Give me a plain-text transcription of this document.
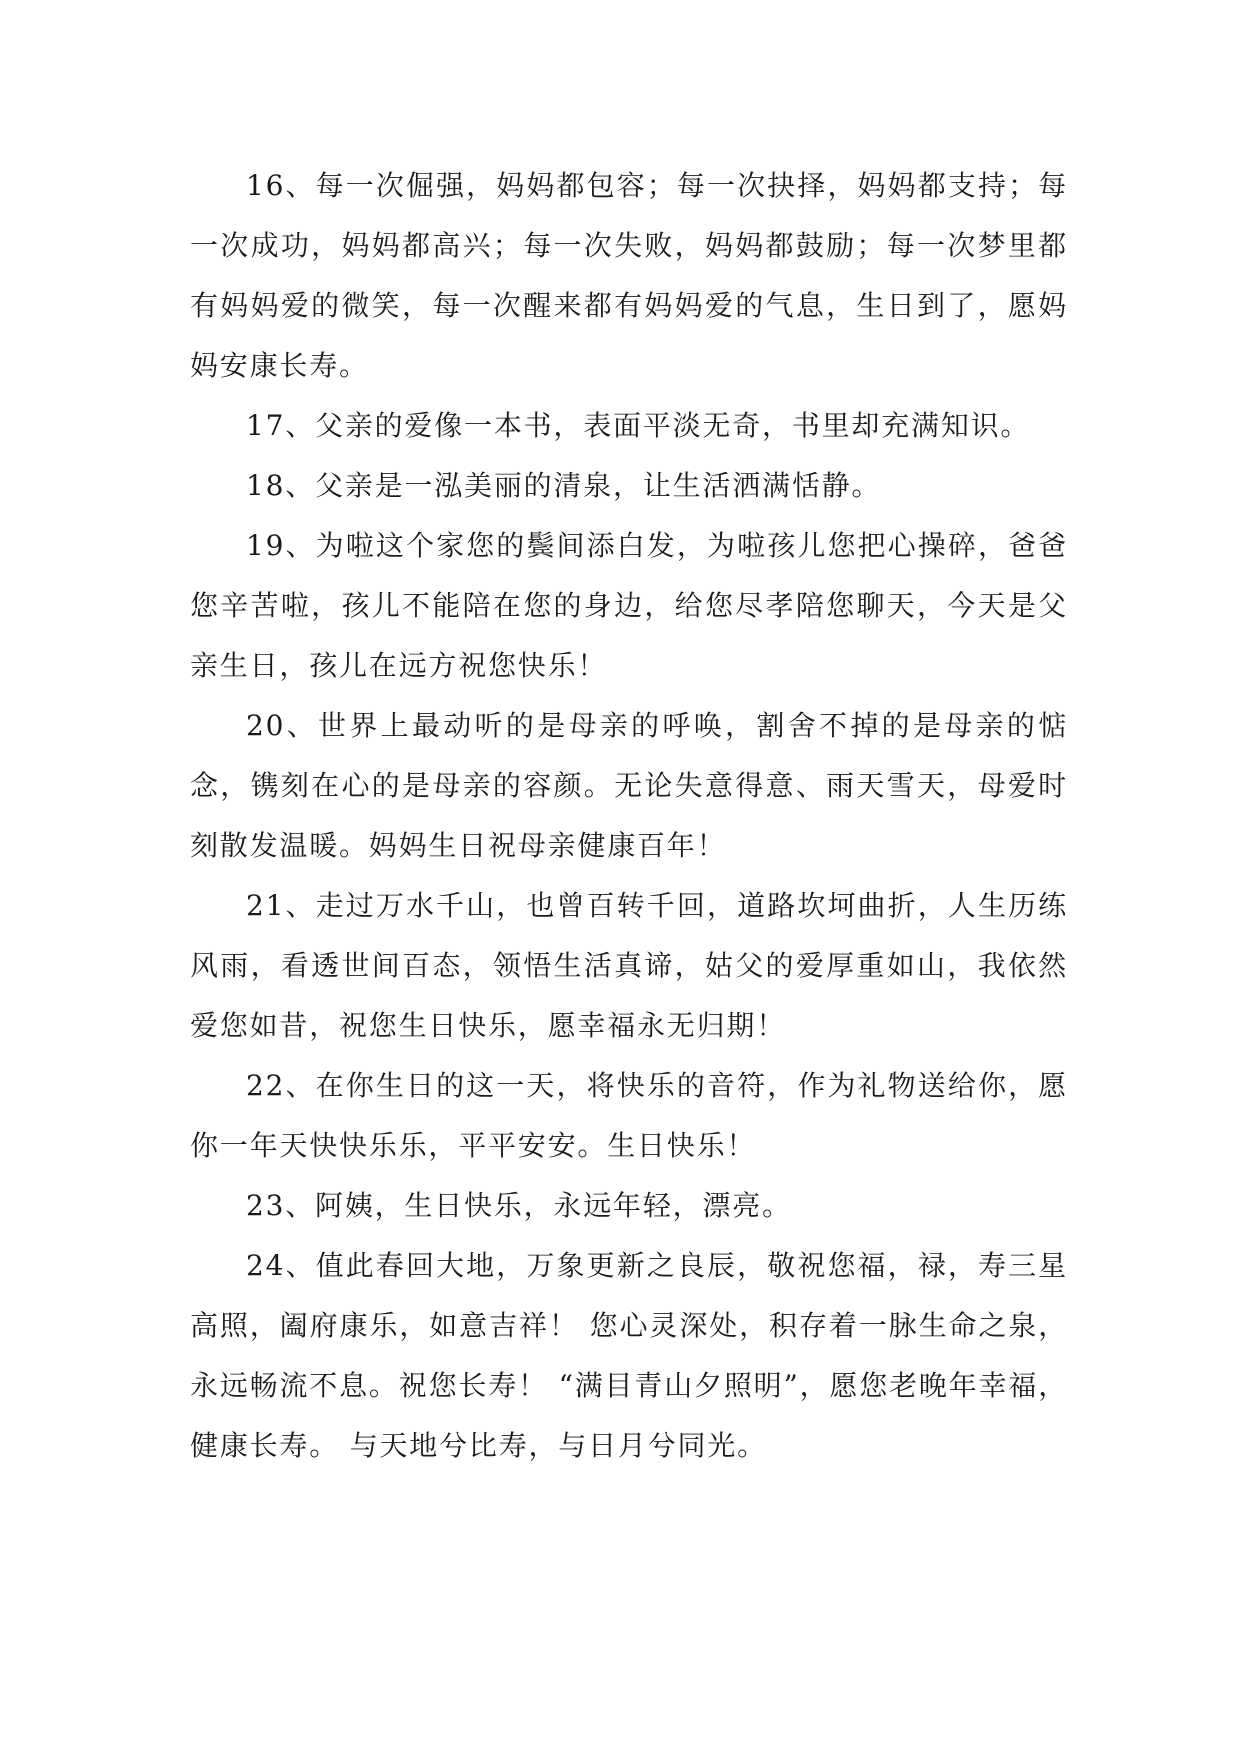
16、每一次倔强，妈妈都包容；每一次抉择，妈妈都支持；每一次成功，妈妈都高兴；每一次失败，妈妈都鼓励；每一次梦里都有妈妈爱的微笑，每一次醒来都有妈妈爱的气息，生日到了，愿妈妈安康长寿。

17、父亲的爱像一本书，表面平淡无奇，书里却充满知识。

18、父亲是一泓美丽的清泉，让生活洒满恬静。

19、为啦这个家您的鬓间添白发，为啦孩儿您把心操碎，爸爸您辛苦啦，孩儿不能陪在您的身边，给您尽孝陪您聊天，今天是父亲生日，孩儿在远方祝您快乐！

20、世界上最动听的是母亲的呼唤，割舍不掉的是母亲的惦念，镌刻在心的是母亲的容颜。无论失意得意、雨天雪天，母爱时刻散发温暖。妈妈生日祝母亲健康百年！

21、走过万水千山，也曾百转千回，道路坎坷曲折，人生历练风雨，看透世间百态，领悟生活真谛，姑父的爱厚重如山，我依然爱您如昔，祝您生日快乐，愿幸福永无归期！

22、在你生日的这一天，将快乐的音符，作为礼物送给你，愿你一年天快快乐乐，平平安安。生日快乐！

23、阿姨，生日快乐，永远年轻，漂亮。

24、值此春回大地，万象更新之良辰，敬祝您福，禄，寿三星高照，阖府康乐，如意吉祥！ 您心灵深处，积存着一脉生命之泉，永远畅流不息。祝您长寿！ “满目青山夕照明”，愿您老晚年幸福，健康长寿。 与天地兮比寿，与日月兮同光。
